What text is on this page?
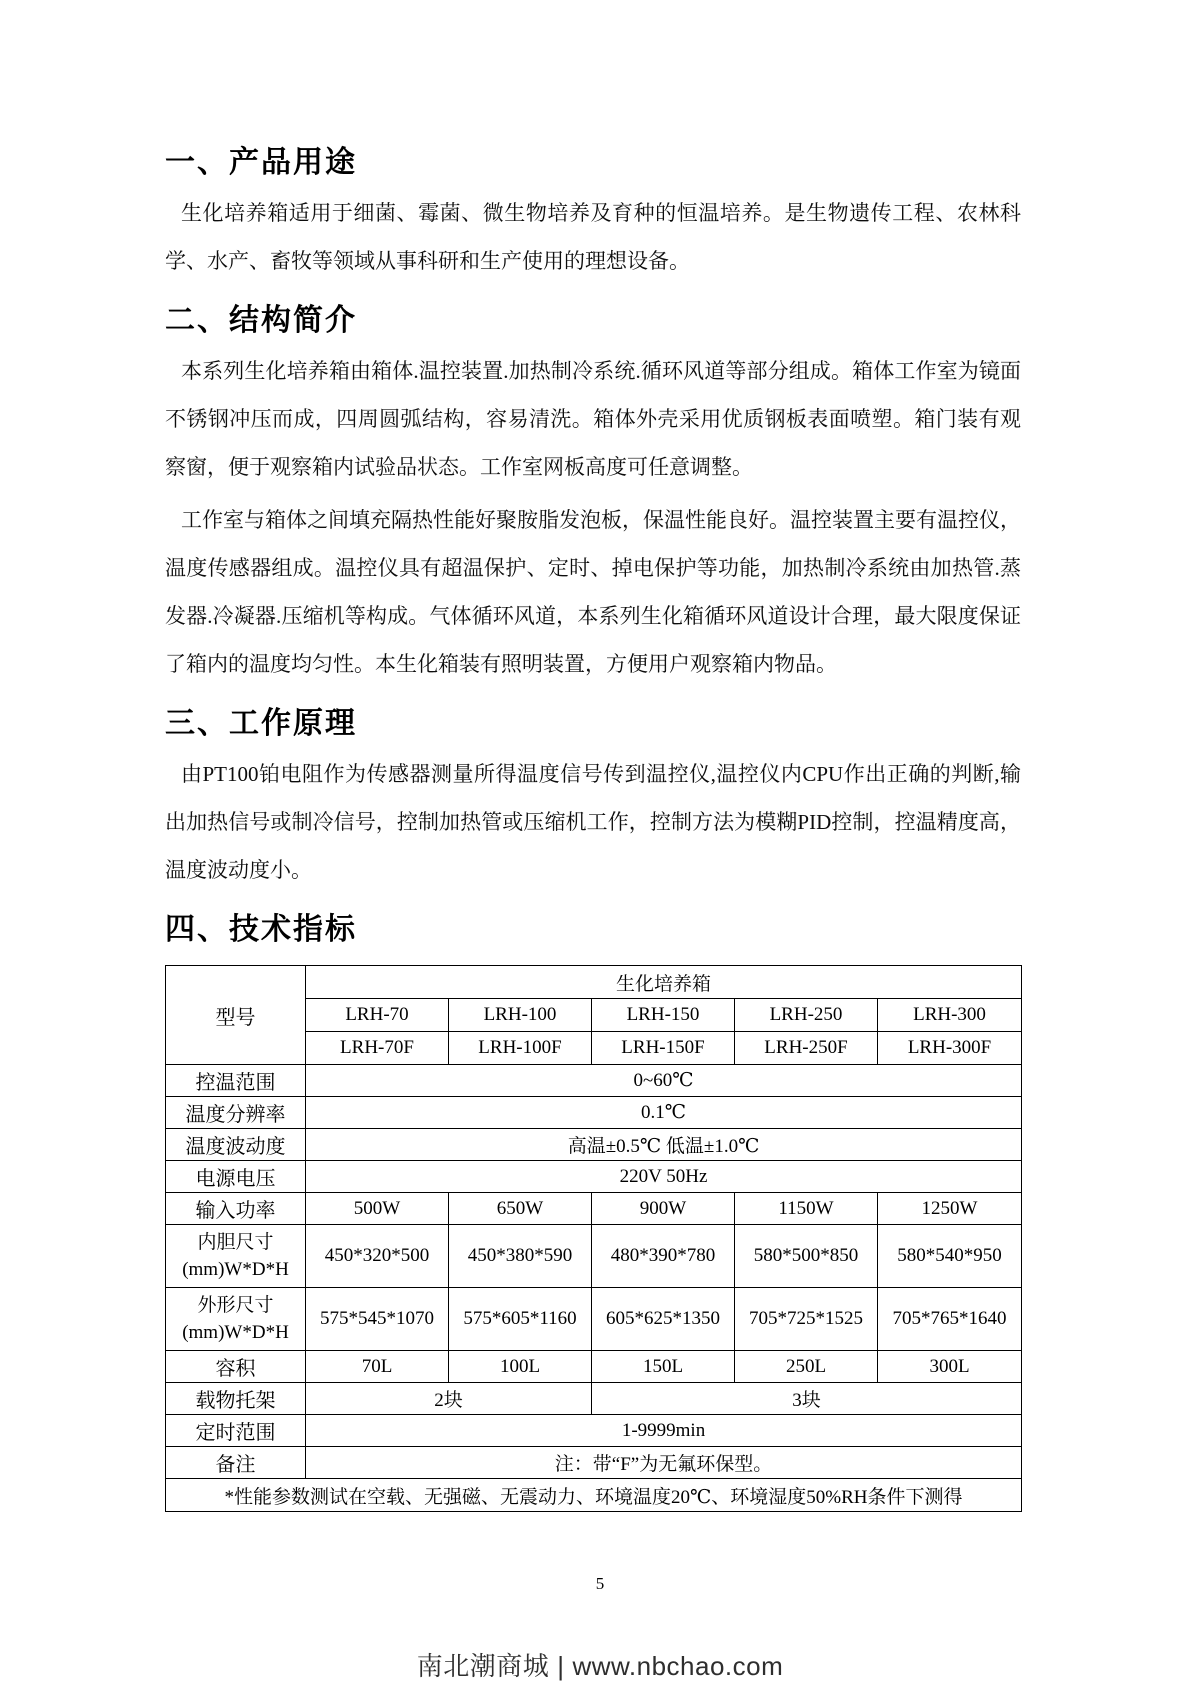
一、产品用途

生化培养箱适用于细菌、霉菌、微生物培养及育种的恒温培养。是生物遗传工程、农林科学、水产、畜牧等领域从事科研和生产使用的理想设备。

二、结构简介

本系列生化培养箱由箱体.温控装置.加热制冷系统.循环风道等部分组成。箱体工作室为镜面不锈钢冲压而成，四周圆弧结构，容易清洗。箱体外壳采用优质钢板表面喷塑。箱门装有观察窗，便于观察箱内试验品状态。工作室网板高度可任意调整。

工作室与箱体之间填充隔热性能好聚胺脂发泡板，保温性能良好。温控装置主要有温控仪，温度传感器组成。温控仪具有超温保护、定时、掉电保护等功能，加热制冷系统由加热管.蒸发器.冷凝器.压缩机等构成。气体循环风道，本系列生化箱循环风道设计合理，最大限度保证了箱内的温度均匀性。本生化箱装有照明装置，方便用户观察箱内物品。

三、工作原理

由PT100铂电阻作为传感器测量所得温度信号传到温控仪,温控仪内CPU作出正确的判断,输出加热信号或制冷信号，控制加热管或压缩机工作，控制方法为模糊PID控制，控温精度高，温度波动度小。

四、技术指标
型号	生化培养箱				
	LRH-70	LRH-100	LRH-150	LRH-250	LRH-300
	LRH-70F	LRH-100F	LRH-150F	LRH-250F	LRH-300F
控温范围	0~60℃				
温度分辨率	0.1℃				
温度波动度	高温±0.5℃ 低温±1.0℃				
电源电压	220V 50Hz				
输入功率	500W	650W	900W	1150W	1250W

内胆尺寸
(mm)W*D*H	450*320*500	450*380*590	480*390*780	580*500*850	580*540*950

外形尺寸
(mm)W*D*H	575*545*1070	575*605*1160	605*625*1350	705*725*1525	705*765*1640
容积	70L	100L	150L	250L	300L
载物托架	2块		3块		
定时范围	1-9999min				
备注	注：带“F”为无氟环保型。				
*性能参数测试在空载、无强磁、无震动力、环境温度20℃、环境湿度50%RH条件下测得					
5
南北潮商城 | www.nbchao.com
